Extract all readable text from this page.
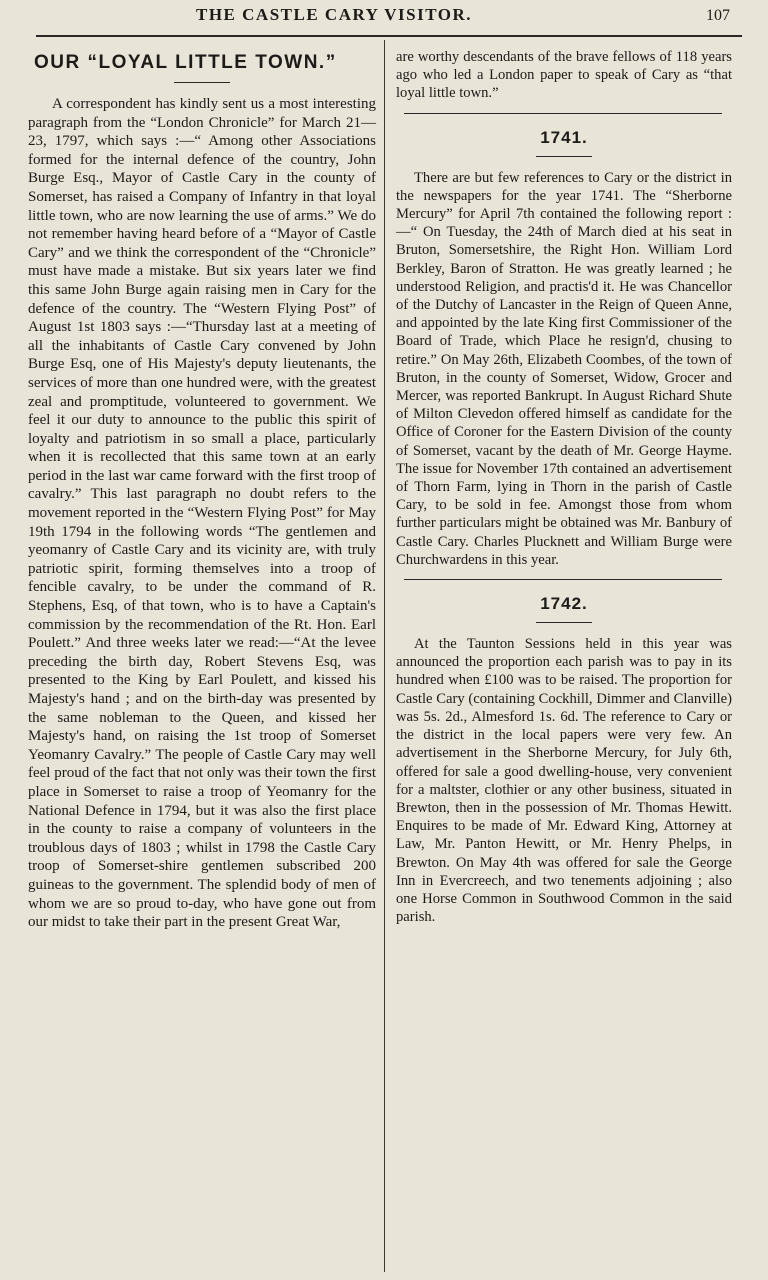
THE CASTLE CARY VISITOR.	107
OUR “LOYAL LITTLE TOWN.”

A correspondent has kindly sent us a most interesting paragraph from the “London Chronicle” for March 21—23, 1797, which says :—“ Among other Associations formed for the internal defence of the country, John Burge Esq., Mayor of Castle Cary in the county of Somerset, has raised a Company of Infantry in that loyal little town, who are now learning the use of arms.” We do not remember having heard before of a “Mayor of Castle Cary” and we think the correspondent of the “Chronicle” must have made a mistake. But six years later we find this same John Burge again raising men in Cary for the defence of the country. The “Western Flying Post” of August 1st 1803 says :—“Thursday last at a meeting of all the inhabitants of Castle Cary convened by John Burge Esq, one of His Majesty's deputy lieutenants, the services of more than one hundred were, with the greatest zeal and promptitude, volunteered to government. We feel it our duty to announce to the public this spirit of loyalty and patriotism in so small a place, particularly when it is recollected that this same town at an early period in the last war came forward with the first troop of cavalry.” This last paragraph no doubt refers to the movement reported in the “Western Flying Post” for May 19th 1794 in the following words “The gentlemen and yeomanry of Castle Cary and its vicinity are, with truly patriotic spirit, forming themselves into a troop of fencible cavalry, to be under the command of R. Stephens, Esq, of that town, who is to have a Captain's commission by the recommendation of the Rt. Hon. Earl Poulett.” And three weeks later we read:—“At the levee preceding the birth day, Robert Stevens Esq, was presented to the King by Earl Poulett, and kissed his Majesty's hand ; and on the birth-day was presented by the same nobleman to the Queen, and kissed her Majesty's hand, on raising the 1st troop of Somerset Yeomanry Cavalry.” The people of Castle Cary may well feel proud of the fact that not only was their town the first place in Somerset to raise a troop of Yeomanry for the National Defence in 1794, but it was also the first place in the county to raise a company of volunteers in the troublous days of 1803 ; whilst in 1798 the Castle Cary troop of Somerset-shire gentlemen subscribed 200 guineas to the government. The splendid body of men of whom we are so proud to-day, who have gone out from our midst to take their part in the present Great War,

are worthy descendants of the brave fellows of 118 years ago who led a London paper to speak of Cary as “that loyal little town.”

1741.

There are but few references to Cary or the district in the newspapers for the year 1741. The “Sherborne Mercury” for April 7th contained the following report :—“ On Tuesday, the 24th of March died at his seat in Bruton, Somersetshire, the Right Hon. William Lord Berkley, Baron of Stratton. He was greatly learned ; he understood Religion, and practis'd it. He was Chancellor of the Dutchy of Lancaster in the Reign of Queen Anne, and appointed by the late King first Commissioner of the Board of Trade, which Place he resign'd, chusing to retire.” On May 26th, Elizabeth Coombes, of the town of Bruton, in the county of Somerset, Widow, Grocer and Mercer, was reported Bankrupt. In August Richard Shute of Milton Clevedon offered himself as candidate for the Office of Coroner for the Eastern Division of the county of Somerset, vacant by the death of Mr. George Hayme. The issue for November 17th contained an advertisement of Thorn Farm, lying in Thorn in the parish of Castle Cary, to be sold in fee. Amongst those from whom further particulars might be obtained was Mr. Banbury of Castle Cary. Charles Plucknett and William Burge were Churchwardens in this year.

1742.

At the Taunton Sessions held in this year was announced the proportion each parish was to pay in its hundred when £100 was to be raised. The proportion for Castle Cary (containing Cockhill, Dimmer and Clanville) was 5s. 2d., Almesford 1s. 6d. The reference to Cary or the district in the local papers were very few. An advertisement in the Sherborne Mercury, for July 6th, offered for sale a good dwelling-house, very convenient for a maltster, clothier or any other business, situated in Brewton, then in the possession of Mr. Thomas Hewitt. Enquires to be made of Mr. Edward King, Attorney at Law, Mr. Panton Hewitt, or Mr. Henry Phelps, in Brewton. On May 4th was offered for sale the George Inn in Evercreech, and two tenements adjoining ; also one Horse Common in Southwood Common in the said parish.
